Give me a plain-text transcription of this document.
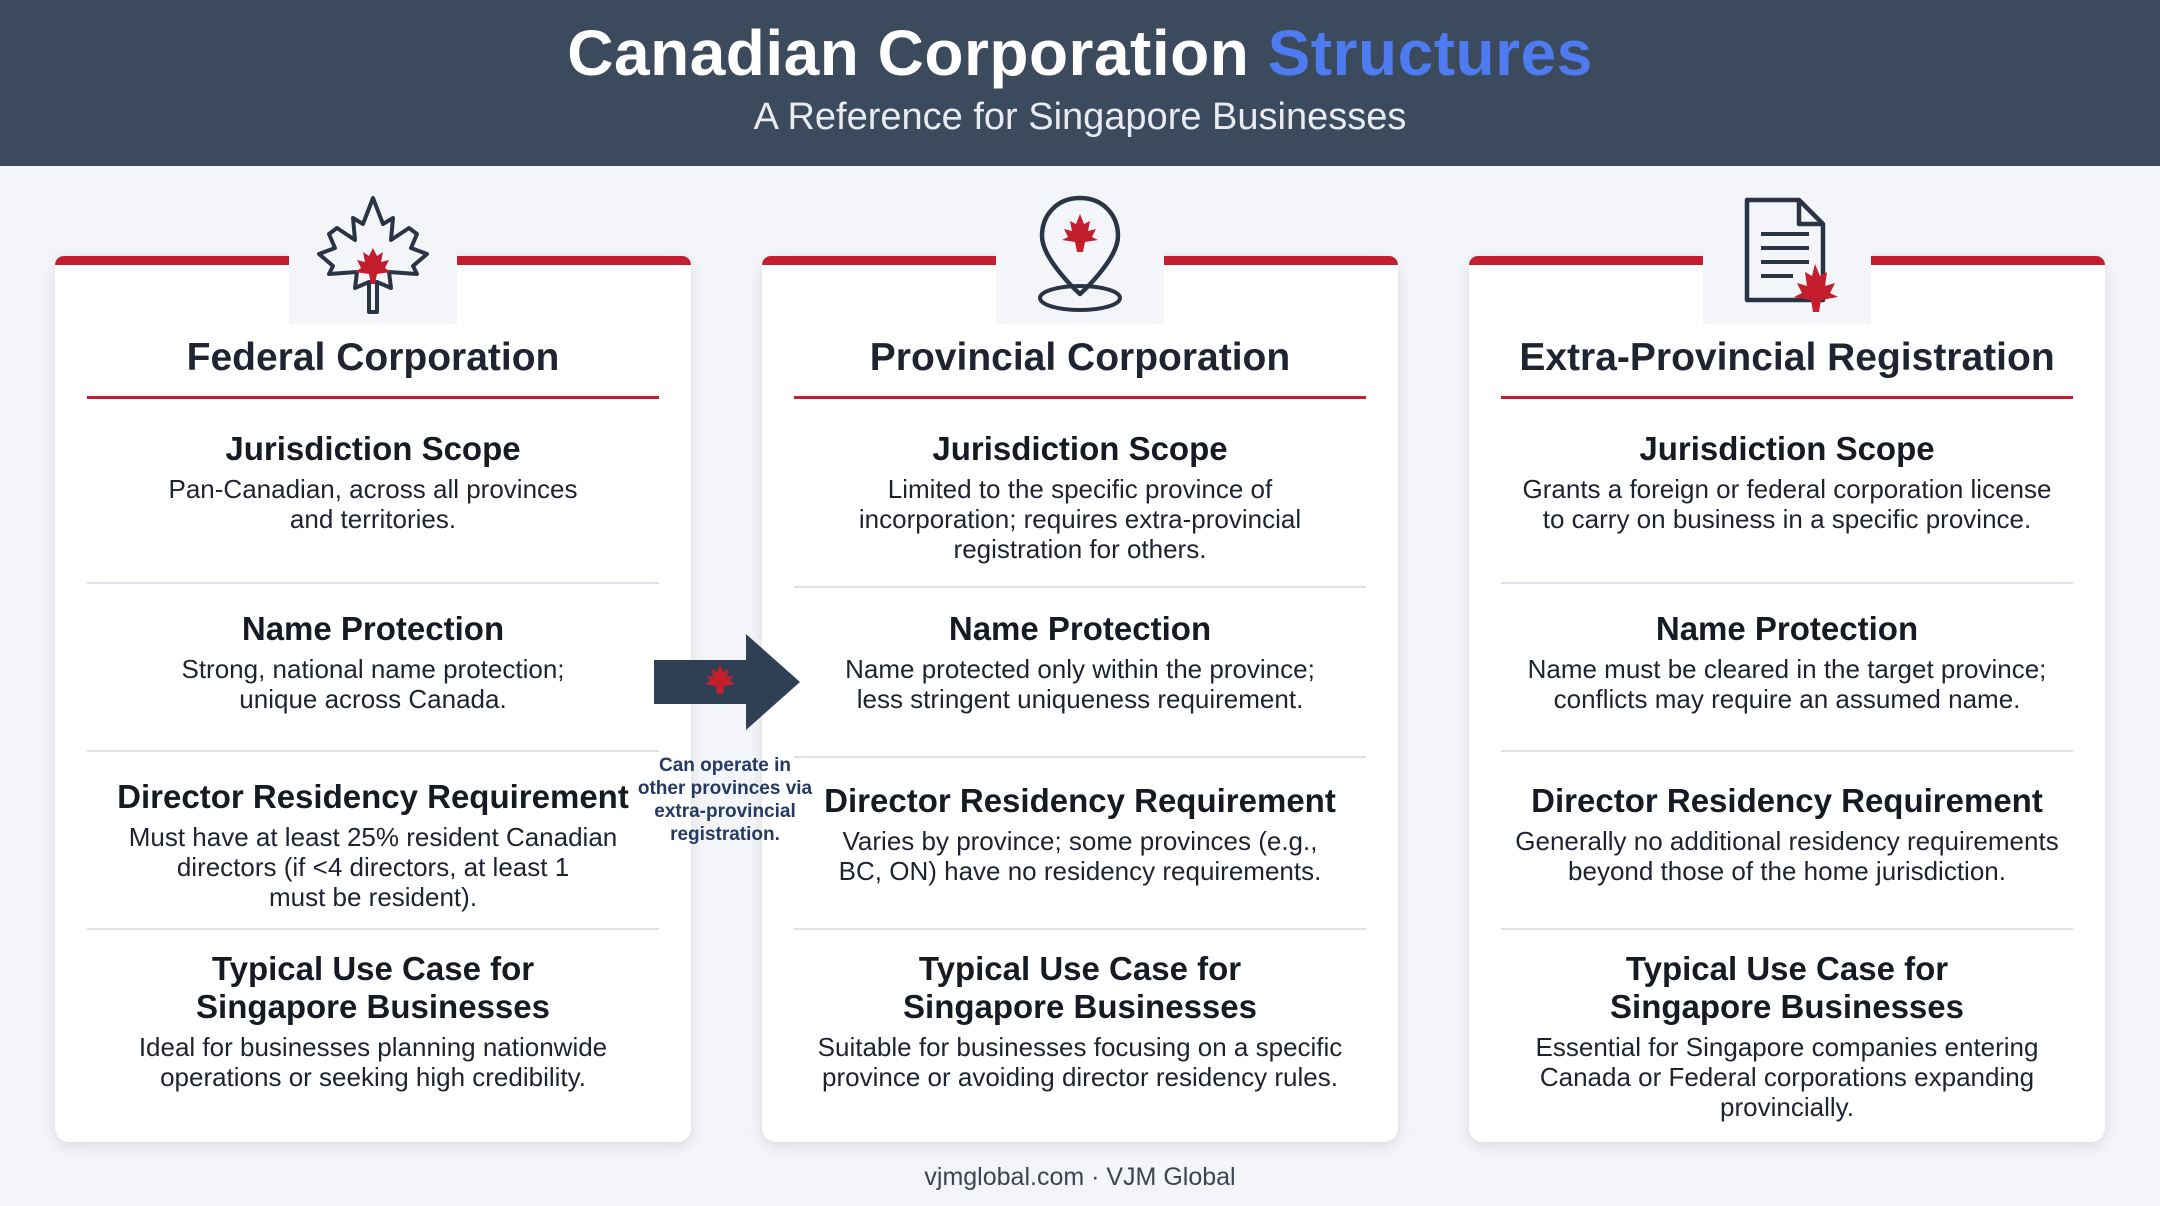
Canadian Corporation Structures
A Reference for Singapore Businesses
Federal Corporation
Jurisdiction Scope

Pan-Canadian, across all provinces
and territories.

Name Protection

Strong, national name protection;
unique across Canada.

Director Residency Requirement

Must have at least 25% resident Canadian
directors (if <4 directors, at least 1
must be resident).

Typical Use Case for
Singapore Businesses

Ideal for businesses planning nationwide
operations or seeking high credibility.

Provincial Corporation
Jurisdiction Scope

Limited to the specific province of
incorporation; requires extra-provincial
registration for others.

Name Protection

Name protected only within the province;
less stringent uniqueness requirement.

Director Residency Requirement

Varies by province; some provinces (e.g.,
BC, ON) have no residency requirements.

Typical Use Case for
Singapore Businesses

Suitable for businesses focusing on a specific
province or avoiding director residency rules.

Extra-Provincial Registration
Jurisdiction Scope

Grants a foreign or federal corporation license
to carry on business in a specific province.

Name Protection

Name must be cleared in the target province;
conflicts may require an assumed name.

Director Residency Requirement

Generally no additional residency requirements
beyond those of the home jurisdiction.

Typical Use Case for
Singapore Businesses

Essential for Singapore companies entering
Canada or Federal corporations expanding
provincially.

Can operate in
other provinces via
extra-provincial
registration.
vjmglobal.com · VJM Global
